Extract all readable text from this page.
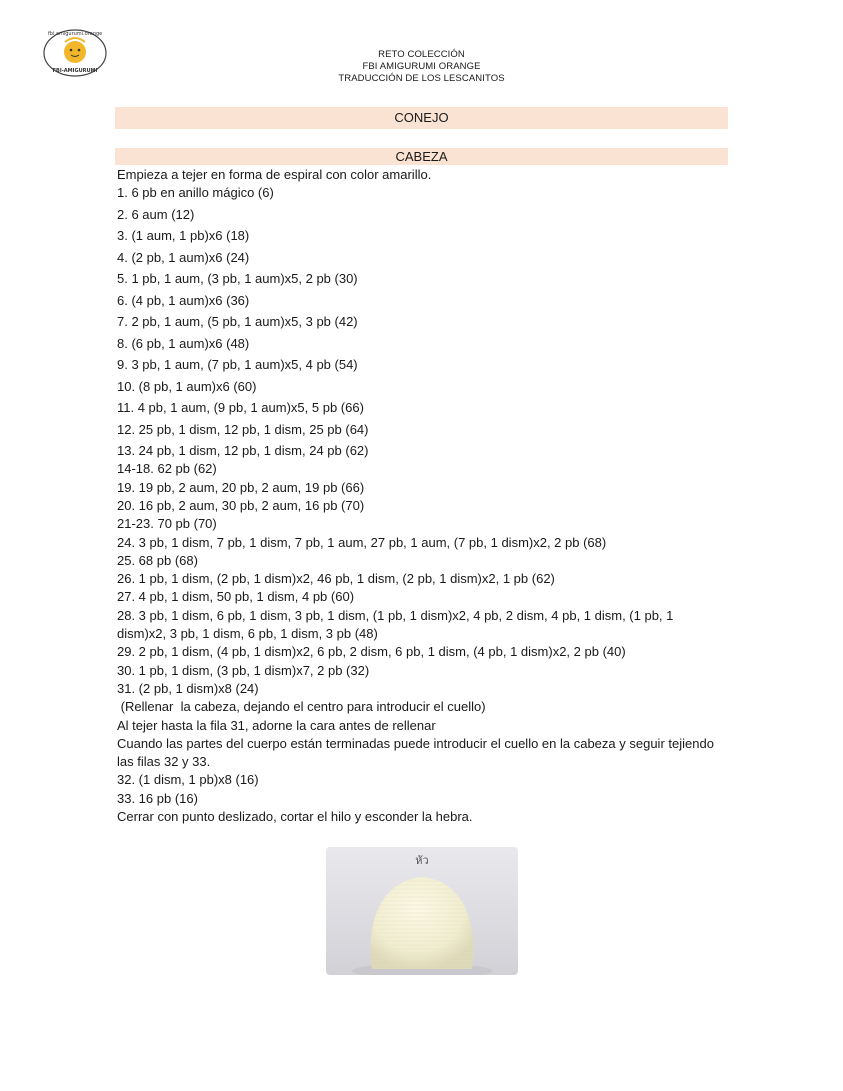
fbi.amigurumi.orange
FBI-AMIGURUMI
RETO COLECCIÓN
FBI AMIGURUMI ORANGE
TRADUCCIÓN DE LOS LESCANITOS
CONEJO
CABEZA
Empieza a tejer en forma de espiral con color amarillo.
1. 6 pb en anillo mágico (6)
2. 6 aum (12)
3. (1 aum, 1 pb)x6 (18)
4. (2 pb, 1 aum)x6 (24)
5. 1 pb, 1 aum, (3 pb, 1 aum)x5, 2 pb (30)
6. (4 pb, 1 aum)x6 (36)
7. 2 pb, 1 aum, (5 pb, 1 aum)x5, 3 pb (42)
8. (6 pb, 1 aum)x6 (48)
9. 3 pb, 1 aum, (7 pb, 1 aum)x5, 4 pb (54)
10. (8 pb, 1 aum)x6 (60)
11. 4 pb, 1 aum, (9 pb, 1 aum)x5, 5 pb (66)
12. 25 pb, 1 dism, 12 pb, 1 dism, 25 pb (64)
13. 24 pb, 1 dism, 12 pb, 1 dism, 24 pb (62)
14-18. 62 pb (62)
19. 19 pb, 2 aum, 20 pb, 2 aum, 19 pb (66)
20. 16 pb, 2 aum, 30 pb, 2 aum, 16 pb (70)
21-23. 70 pb (70)
24. 3 pb, 1 dism, 7 pb, 1 dism, 7 pb, 1 aum, 27 pb, 1 aum, (7 pb, 1 dism)x2, 2 pb (68)
25. 68 pb (68)
26. 1 pb, 1 dism, (2 pb, 1 dism)x2, 46 pb, 1 dism, (2 pb, 1 dism)x2, 1 pb (62)
27. 4 pb, 1 dism, 50 pb, 1 dism, 4 pb (60)
28. 3 pb, 1 dism, 6 pb, 1 dism, 3 pb, 1 dism, (1 pb, 1 dism)x2, 4 pb, 2 dism, 4 pb, 1 dism, (1 pb, 1 dism)x2, 3 pb, 1 dism, 6 pb, 1 dism, 3 pb (48)
29. 2 pb, 1 dism, (4 pb, 1 dism)x2, 6 pb, 2 dism, 6 pb, 1 dism, (4 pb, 1 dism)x2, 2 pb (40)
30. 1 pb, 1 dism, (3 pb, 1 dism)x7, 2 pb (32)
31. (2 pb, 1 dism)x8 (24)
(Rellenar  la cabeza, dejando el centro para introducir el cuello)
Al tejer hasta la fila 31, adorne la cara antes de rellenar
Cuando las partes del cuerpo están terminadas puede introducir el cuello en la cabeza y seguir tejiendo las filas 32 y 33.
32. (1 dism, 1 pb)x8 (16)
33. 16 pb (16)
Cerrar con punto deslizado, cortar el hilo y esconder la hebra.
หัว
